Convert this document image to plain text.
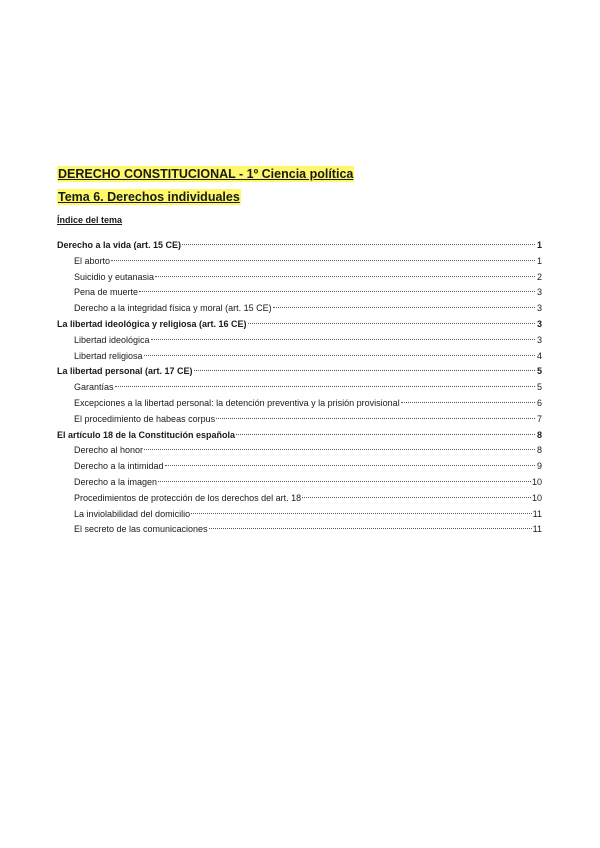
DERECHO CONSTITUCIONAL - 1º Ciencia política
Tema 6. Derechos individuales
Índice del tema
Derecho a la vida (art. 15 CE)	1
El aborto	1
Suicidio y eutanasia	2
Pena de muerte	3
Derecho a la integridad física y moral (art. 15 CE)	3
La libertad ideológica y religiosa (art. 16 CE)	3
Libertad ideológica	3
Libertad religiosa	4
La libertad personal (art. 17 CE)	5
Garantías	5
Excepciones a la libertad personal: la detención preventiva y la prisión provisional	6
El procedimiento de habeas corpus	7
El artículo 18 de la Constitución española	8
Derecho al honor	8
Derecho a la intimidad	9
Derecho a la imagen	10
Procedimientos de protección de los derechos del art. 18	10
La inviolabilidad del domicilio	11
El secreto de las comunicaciones	11
